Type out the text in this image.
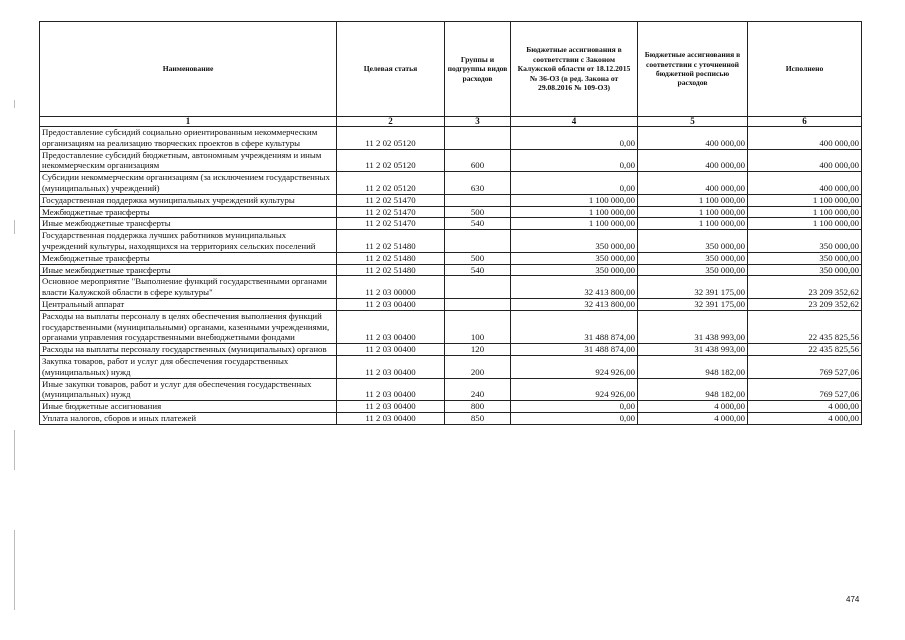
Наименование	Целевая статья	Группы и подгруппы видов расходов	Бюджетные ассигнования в соответствии с Законом Калужской области от 18.12.2015 № 36-ОЗ (в ред. Закона от 29.08.2016 № 109-ОЗ)	Бюджетные ассигнования в соответствии с уточненной бюджетной росписью расходов	Исполнено
1	2	3	4	5	6
Предоставление субсидий социально ориентированным некоммерческим организациям на реализацию творческих проектов в сфере культуры	11 2 02 05120		0,00	400 000,00	400 000,00
Предоставление субсидий бюджетным, автономным учреждениям и иным некоммерческим организациям	11 2 02 05120	600	0,00	400 000,00	400 000,00
Субсидии некоммерческим организациям (за исключением государственных (муниципальных) учреждений)	11 2 02 05120	630	0,00	400 000,00	400 000,00
Государственная поддержка муниципальных учреждений культуры	11 2 02 51470		1 100 000,00	1 100 000,00	1 100 000,00
Межбюджетные трансферты	11 2 02 51470	500	1 100 000,00	1 100 000,00	1 100 000,00
Иные межбюджетные трансферты	11 2 02 51470	540	1 100 000,00	1 100 000,00	1 100 000,00
Государственная поддержка лучших работников муниципальных учреждений культуры, находящихся на территориях сельских поселений	11 2 02 51480		350 000,00	350 000,00	350 000,00
Межбюджетные трансферты	11 2 02 51480	500	350 000,00	350 000,00	350 000,00
Иные межбюджетные трансферты	11 2 02 51480	540	350 000,00	350 000,00	350 000,00
Основное мероприятие "Выполнение функций государственными органами власти Калужской области в сфере культуры"	11 2 03 00000		32 413 800,00	32 391 175,00	23 209 352,62
Центральный аппарат	11 2 03 00400		32 413 800,00	32 391 175,00	23 209 352,62
Расходы на выплаты персоналу в целях обеспечения выполнения функций государственными (муниципальными) органами, казенными учреждениями, органами управления государственными внебюджетными фондами	11 2 03 00400	100	31 488 874,00	31 438 993,00	22 435 825,56
Расходы на выплаты персоналу государственных (муниципальных) органов	11 2 03 00400	120	31 488 874,00	31 438 993,00	22 435 825,56
Закупка товаров, работ и услуг для обеспечения государственных (муниципальных) нужд	11 2 03 00400	200	924 926,00	948 182,00	769 527,06
Иные закупки товаров, работ и услуг для обеспечения государственных (муниципальных) нужд	11 2 03 00400	240	924 926,00	948 182,00	769 527,06
Иные бюджетные ассигнования	11 2 03 00400	800	0,00	4 000,00	4 000,00
Уплата налогов, сборов и иных платежей	11 2 03 00400	850	0,00	4 000,00	4 000,00
474
